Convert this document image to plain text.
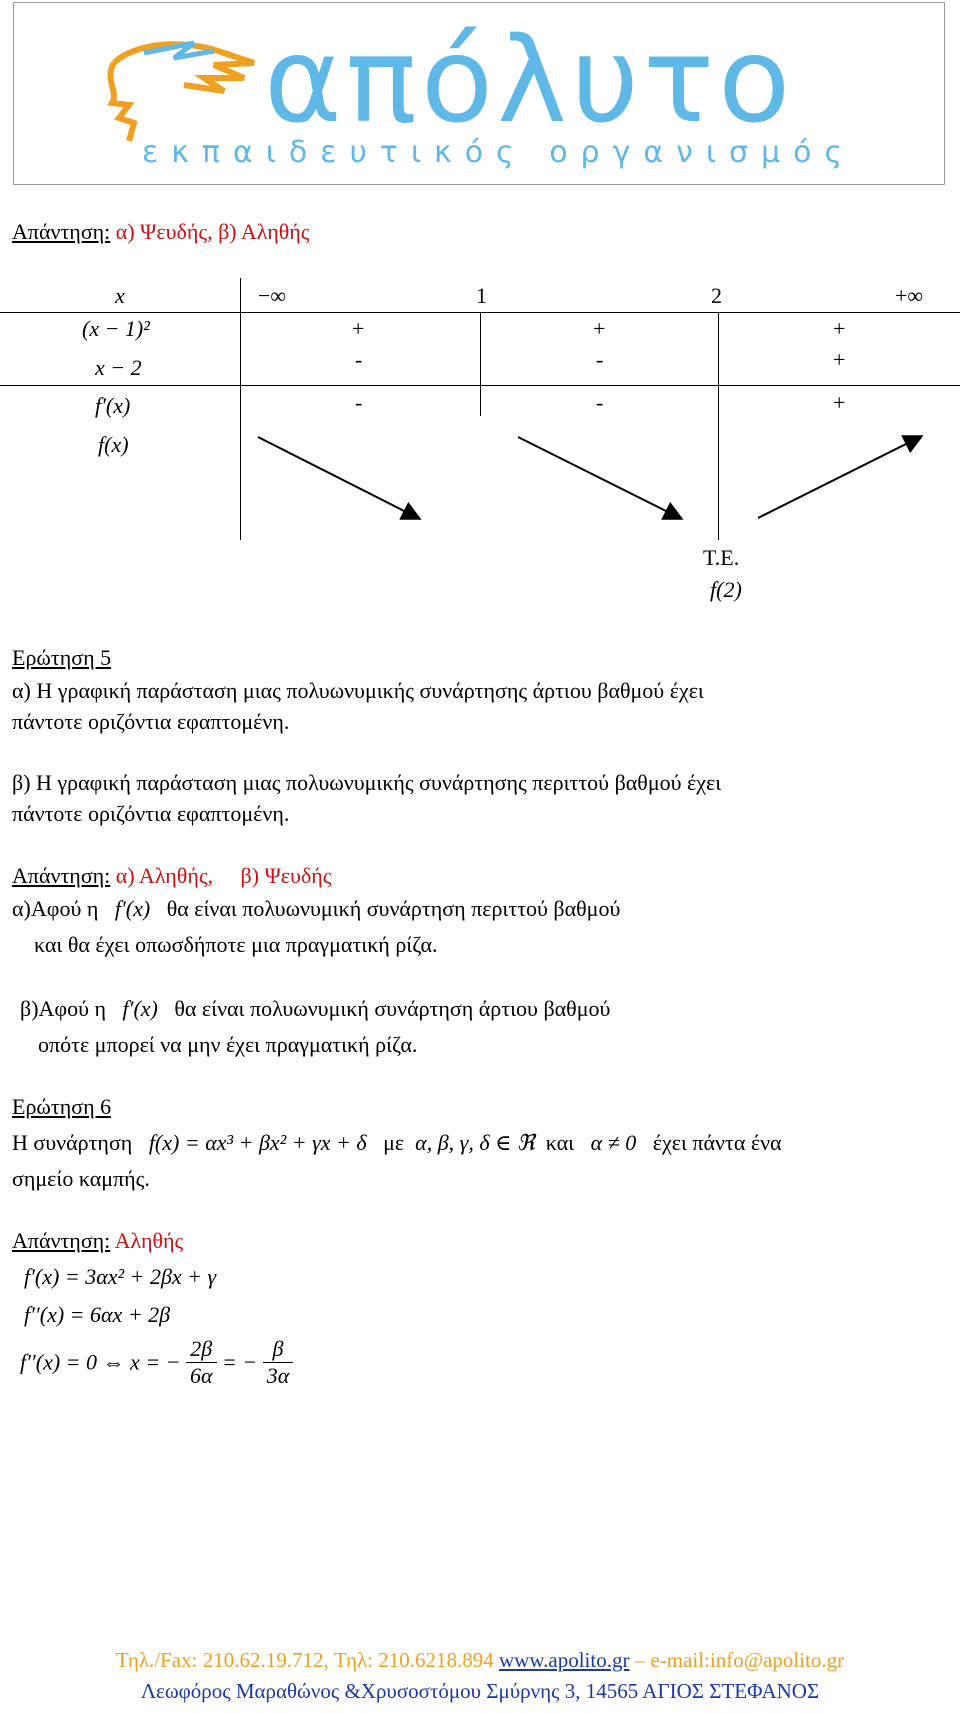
απόλυτο
εκπαιδευτικός οργανισμός
Απάντηση: α) Ψευδής, β) Αληθής
x	−∞	1	2	+∞
(x − 1)²	+	+	+
x − 2	-	-	+
f′(x)	-	-	+
f(x)
Τ.Ε.
f(2)
Ερώτηση 5
α) Η γραφική παράσταση μιας πολυωνυμικής συνάρτησης άρτιου βαθμού έχει
πάντοτε οριζόντια εφαπτομένη.
β) Η γραφική παράσταση μιας πολυωνυμικής συνάρτησης περιττού βαθμού έχει
πάντοτε οριζόντια εφαπτομένη.
Απάντηση: α) Αληθής,     β) Ψευδής
α)Αφού η f′(x) θα είναι πολυωνυμική συνάρτηση περιττού βαθμού
και θα έχει οπωσδήποτε μια πραγματική ρίζα.
β)Αφού η f′(x) θα είναι πολυωνυμική συνάρτηση άρτιου βαθμού
οπότε μπορεί να μην έχει πραγματική ρίζα.
Ερώτηση 6
Η συνάρτηση f(x) = αx³ + βx² + γx + δ με α, β, γ, δ ∈ ℜ και α ≠ 0 έχει πάντα ένα
σημείο καμπής.
Απάντηση: Αληθής
f′(x) = 3αx² + 2βx + γ
f′′(x) = 6αx + 2β
f′′(x) = 0 ⇔ x = − $\frac{2\beta}{6\alpha}$ = − $\frac{\beta}{3\alpha}$
Τηλ./Fax: 210.62.19.712, Τηλ: 210.6218.894 www.apolito.gr – e-mail:info@apolito.gr
Λεωφόρος Μαραθώνος &Χρυσοστόμου Σμύρνης 3, 14565 ΑΓΙΟΣ ΣΤΕΦΑΝΟΣ
